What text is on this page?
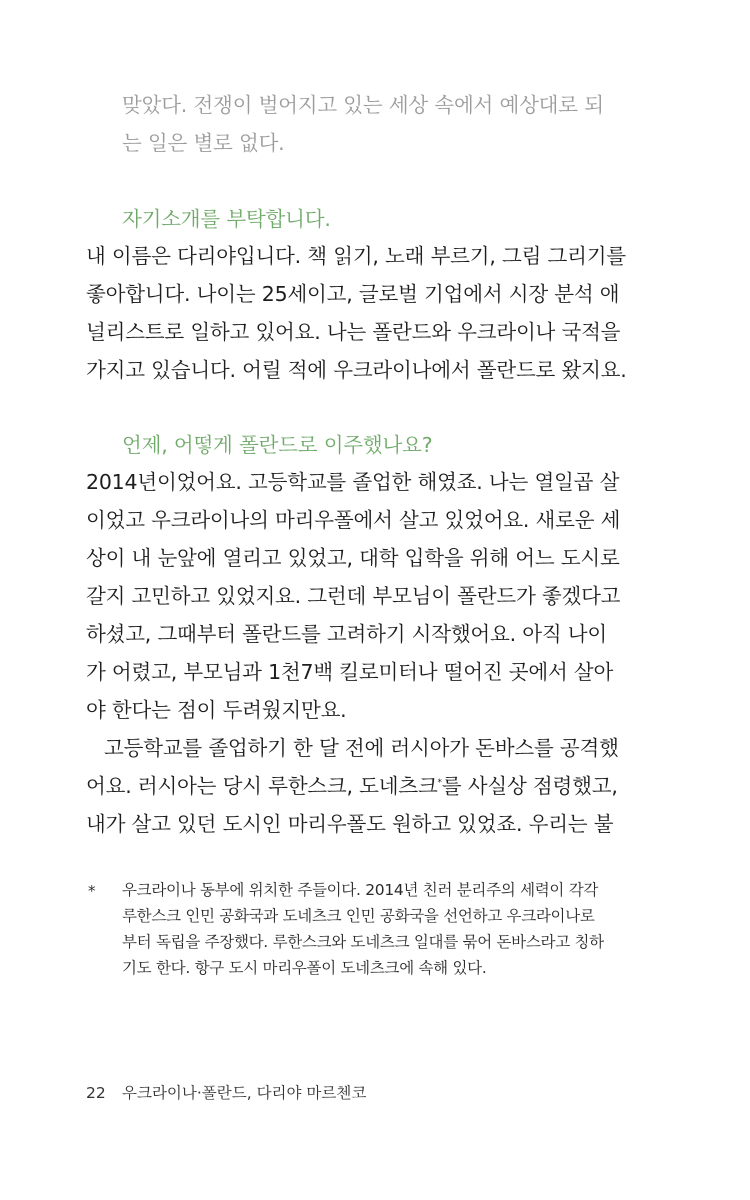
맞았다. 전쟁이 벌어지고 있는 세상 속에서 예상대로 되
는 일은 별로 없다.
자기소개를 부탁합니다.
내 이름은 다리야입니다. 책 읽기, 노래 부르기, 그림 그리기를
좋아합니다. 나이는 25세이고, 글로벌 기업에서 시장 분석 애
널리스트로 일하고 있어요. 나는 폴란드와 우크라이나 국적을
가지고 있습니다. 어릴 적에 우크라이나에서 폴란드로 왔지요.
언제, 어떻게 폴란드로 이주했나요?
2014년이었어요. 고등학교를 졸업한 해였죠. 나는 열일곱 살
이었고 우크라이나의 마리우폴에서 살고 있었어요. 새로운 세
상이 내 눈앞에 열리고 있었고, 대학 입학을 위해 어느 도시로
갈지 고민하고 있었지요. 그런데 부모님이 폴란드가 좋겠다고
하셨고, 그때부터 폴란드를 고려하기 시작했어요. 아직 나이
가 어렸고, 부모님과 1천7백 킬로미터나 떨어진 곳에서 살아
야 한다는 점이 두려웠지만요.
고등학교를 졸업하기 한 달 전에 러시아가 돈바스를 공격했
어요. 러시아는 당시 루한스크, 도네츠크*를 사실상 점령했고,
내가 살고 있던 도시인 마리우폴도 원하고 있었죠. 우리는 불
* 우크라이나 동부에 위치한 주들이다. 2014년 친러 분리주의 세력이 각각
루한스크 인민 공화국과 도네츠크 인민 공화국을 선언하고 우크라이나로
부터 독립을 주장했다. 루한스크와 도네츠크 일대를 묶어 돈바스라고 칭하
기도 한다. 항구 도시 마리우폴이 도네츠크에 속해 있다.
22 우크라이나·폴란드, 다리야 마르첸코
